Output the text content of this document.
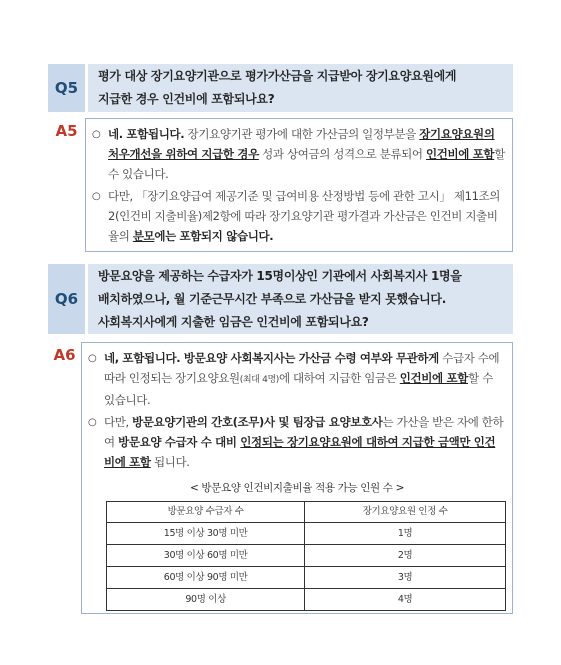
Q5
평가 대상 장기요양기관으로 평가가산금을 지급받아 장기요양요원에게
지급한 경우 인건비에 포함되나요?
A5	○ 네. 포함됩니다. 장기요양기관 평가에 대한 가산금의 일정부분을 장기요양요원의 처우개선을 위하여 지급한 경우 성과 상여금의 성격으로 분류되어 인건비에 포함할 수 있습니다.
○ 다만, 「장기요양급여 제공기준 및 급여비용 산정방법 등에 관한 고시」 제11조의2(인건비 지출비율)제2항에 따라 장기요양기관 평가결과 가산금은 인건비 지출비율의 분모에는 포함되지 않습니다.
Q6
방문요양을 제공하는 수급자가 15명이상인 기관에서 사회복지사 1명을
배치하였으나, 월 기준근무시간 부족으로 가산금을 받지 못했습니다.
사회복지사에게 지출한 임금은 인건비에 포함되나요?
A6	○ 네, 포함됩니다. 방문요양 사회복지사는 가산금 수령 여부와 무관하게 수급자 수에 따라 인정되는 장기요양요원(최대 4명)에 대하여 지급한 임금은 인건비에 포함할 수 있습니다.
○ 다만, 방문요양기관의 간호(조무)사 및 팀장급 요양보호사는 가산을 받은 자에 한하여 방문요양 수급자 수 대비 인정되는 장기요양요원에 대하여 지급한 금액만 인건비에 포함 됩니다.
< 방문요양 인건비지출비율 적용 가능 인원 수 >
방문요양 수급자 수	장기요양요원 인정 수
15명 이상 30명 미만	1명
30명 이상 60명 미만	2명
60명 이상 90명 미만	3명
90명 이상	4명
